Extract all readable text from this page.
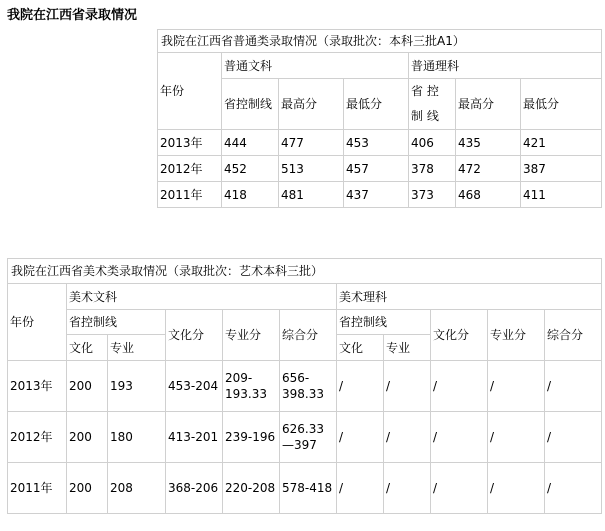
我院在江西省录取情况
我院在江西省普通类录取情况（录取批次：本科三批A1）						
年份	普通文科			普通理科		
	省控制线	最高分	最低分	省 控 制 线	最高分	最低分
2013年	444	477	453	406	435	421
2012年	452	513	457	378	472	387
2011年	418	481	437	373	468	411
我院在江西省美术类录取情况（录取批次：艺术本科三批）										
年份	美术文科					美术理科				
	省控制线		文化分	专业分	综合分	省控制线		文化分	专业分	综合分
	文化	专业				文化	专业			
2013年	200	193	453-204	209-193.33	656-398.33	/	/	/	/	/
2012年	200	180	413-201	239-196	626.33—397	/	/	/	/	/
2011年	200	208	368-206	220-208	578-418	/	/	/	/	/
